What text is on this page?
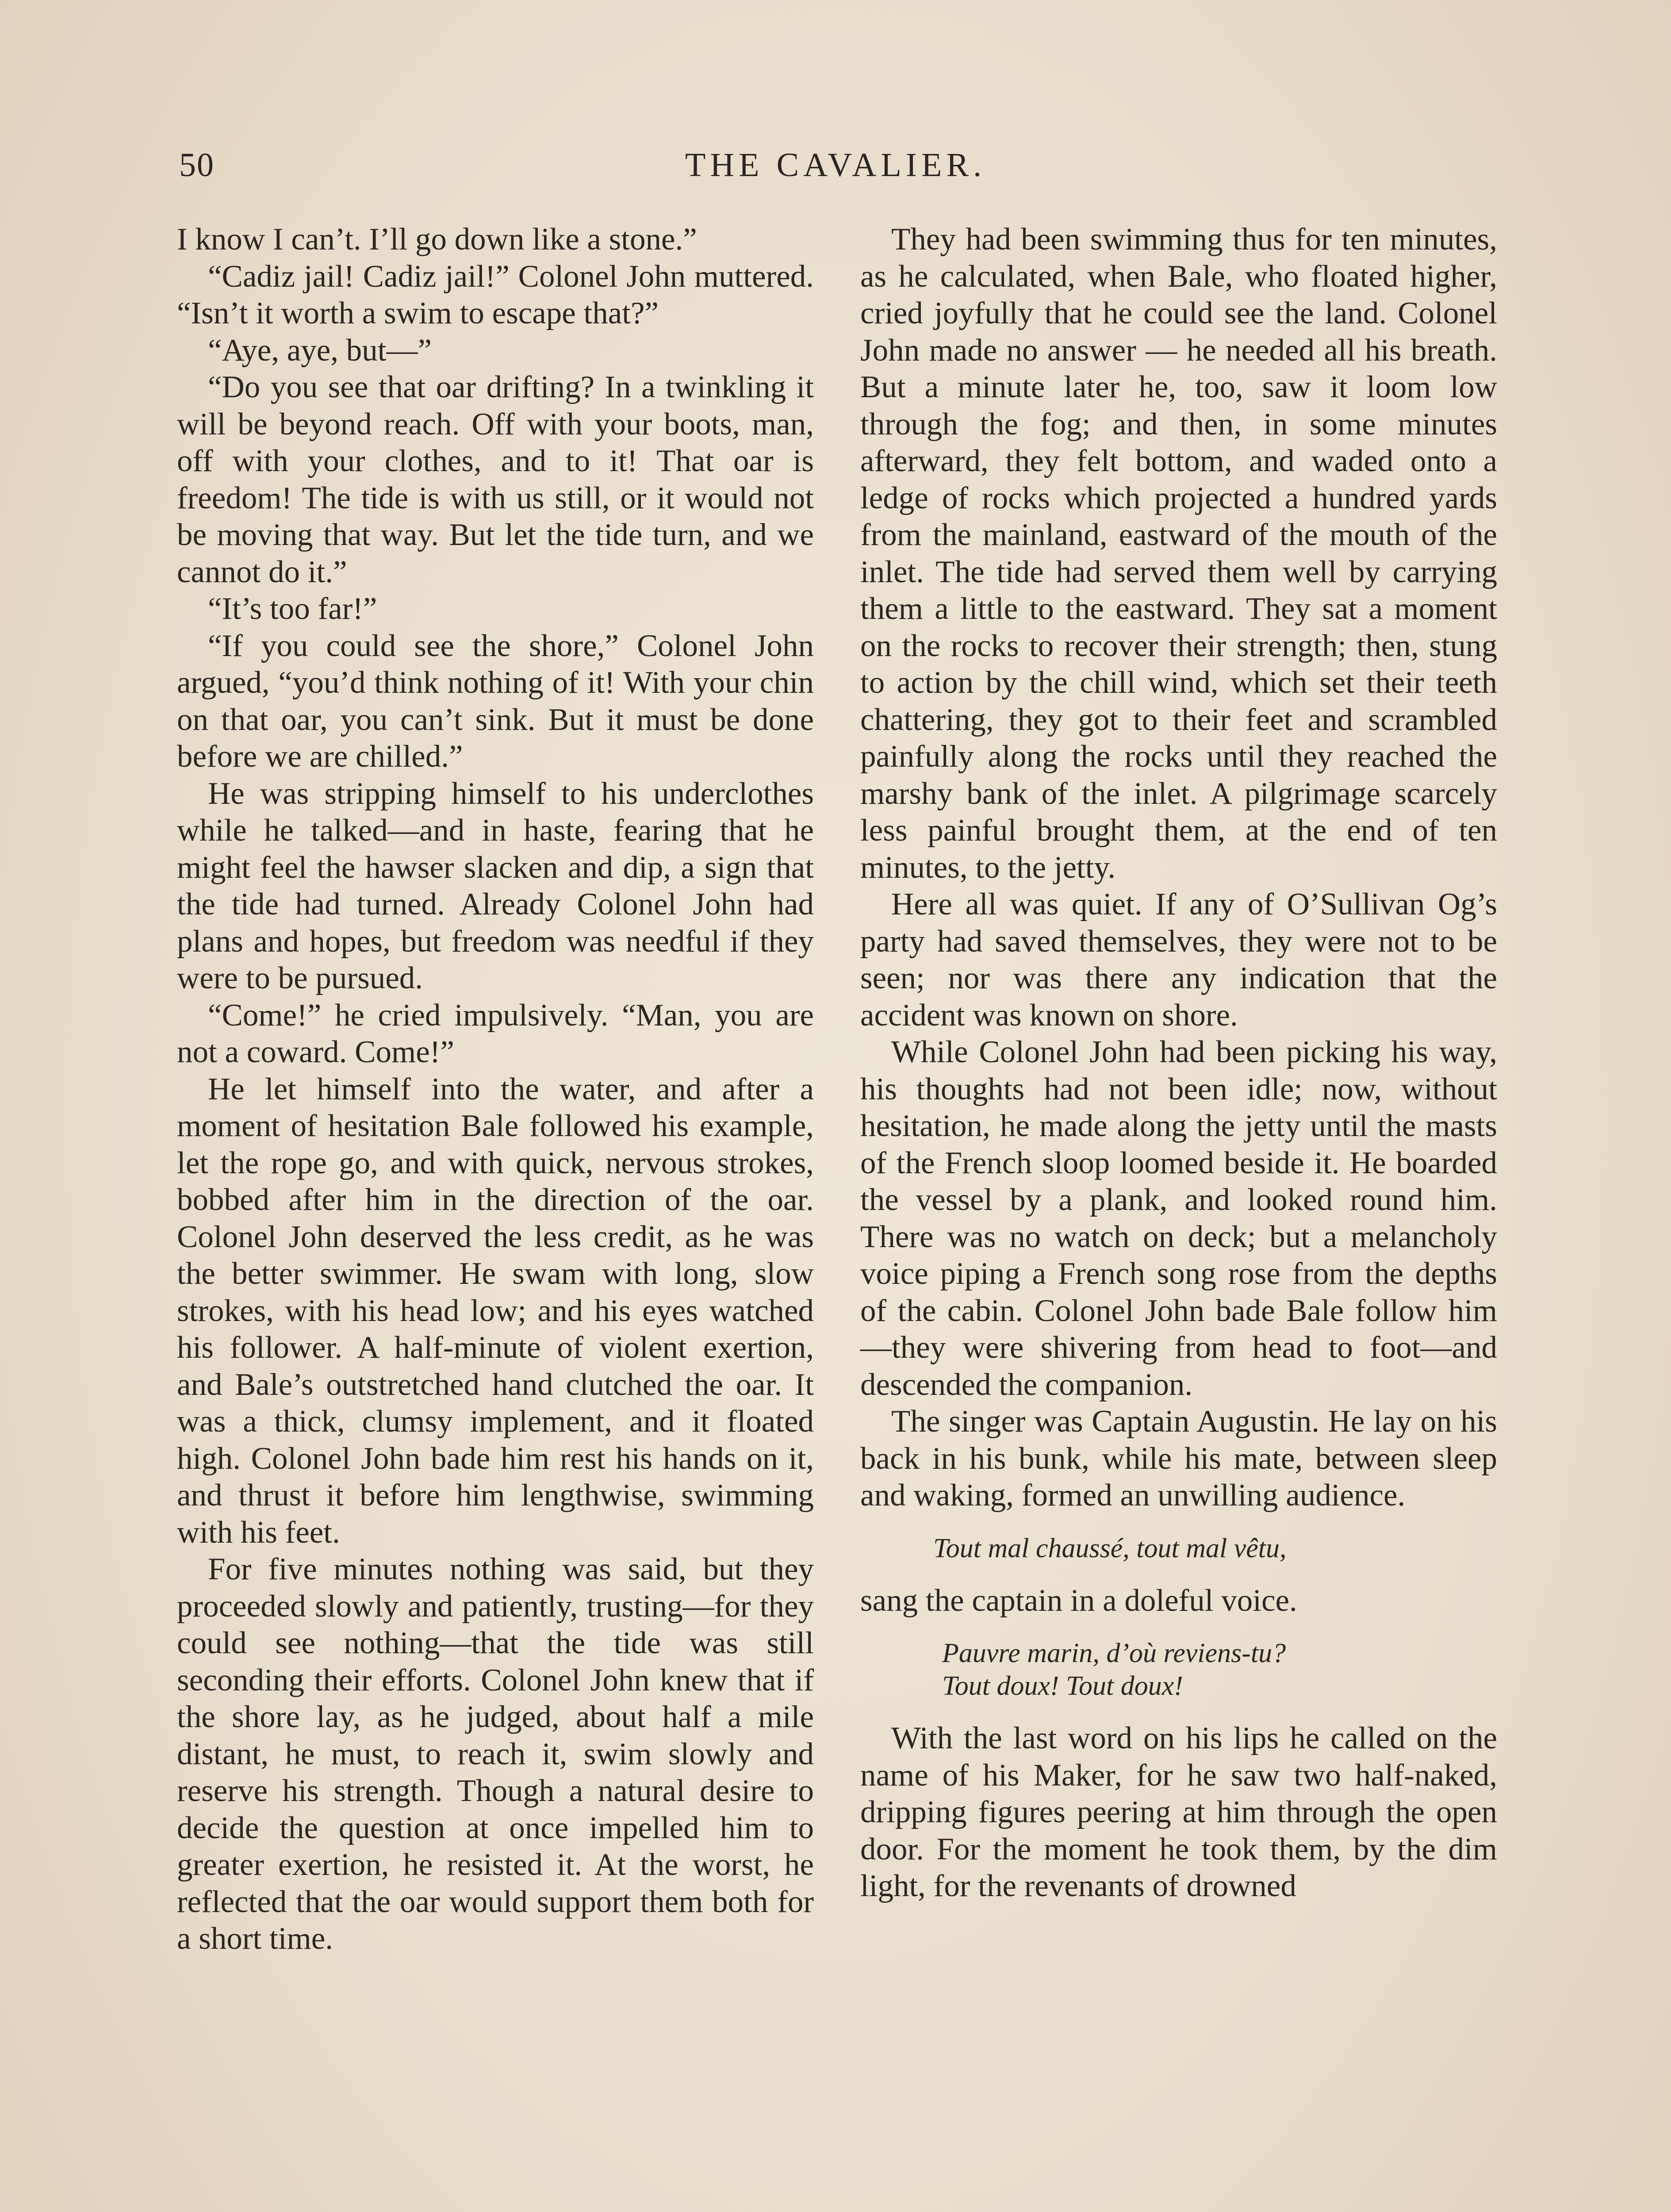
50	THE CAVALIER.

I know I can’t. I’ll go down like a stone.”

“Cadiz jail! Cadiz jail!” Colonel John muttered. “Isn’t it worth a swim to escape that?”

“Aye, aye, but—”

“Do you see that oar drifting? In a twinkling it will be beyond reach. Off with your boots, man, off with your clothes, and to it! That oar is freedom! The tide is with us still, or it would not be moving that way. But let the tide turn, and we cannot do it.”

“It’s too far!”

“If you could see the shore,” Colonel John argued, “you’d think nothing of it! With your chin on that oar, you can’t sink. But it must be done before we are chilled.”

He was stripping himself to his underclothes while he talked—and in haste, fearing that he might feel the hawser slacken and dip, a sign that the tide had turned. Already Colonel John had plans and hopes, but freedom was needful if they were to be pursued.

“Come!” he cried impulsively. “Man, you are not a coward. Come!”

He let himself into the water, and after a moment of hesitation Bale followed his example, let the rope go, and with quick, nervous strokes, bobbed after him in the direction of the oar. Colonel John deserved the less credit, as he was the better swimmer. He swam with long, slow strokes, with his head low; and his eyes watched his follower. A half-minute of violent exertion, and Bale’s outstretched hand clutched the oar. It was a thick, clumsy implement, and it floated high. Colonel John bade him rest his hands on it, and thrust it before him lengthwise, swimming with his feet.

For five minutes nothing was said, but they proceeded slowly and patiently, trusting—for they could see nothing—that the tide was still seconding their efforts. Colonel John knew that if the shore lay, as he judged, about half a mile distant, he must, to reach it, swim slowly and reserve his strength. Though a natural desire to decide the question at once impelled him to greater exertion, he resisted it. At the worst, he reflected that the oar would support them both for a short time.

They had been swimming thus for ten minutes, as he calculated, when Bale, who floated higher, cried joyfully that he could see the land. Colonel John made no answer — he needed all his breath. But a minute later he, too, saw it loom low through the fog; and then, in some minutes afterward, they felt bottom, and waded onto a ledge of rocks which projected a hundred yards from the mainland, eastward of the mouth of the inlet. The tide had served them well by carrying them a little to the eastward. They sat a moment on the rocks to recover their strength; then, stung to action by the chill wind, which set their teeth chattering, they got to their feet and scrambled painfully along the rocks until they reached the marshy bank of the inlet. A pilgrimage scarcely less painful brought them, at the end of ten minutes, to the jetty.

Here all was quiet. If any of O’Sullivan Og’s party had saved themselves, they were not to be seen; nor was there any indication that the accident was known on shore.

While Colonel John had been picking his way, his thoughts had not been idle; now, without hesitation, he made along the jetty until the masts of the French sloop loomed beside it. He boarded the vessel by a plank, and looked round him. There was no watch on deck; but a melancholy voice piping a French song rose from the depths of the cabin. Colonel John bade Bale follow him—they were shivering from head to foot—and descended the companion.

The singer was Captain Augustin. He lay on his back in his bunk, while his mate, between sleep and waking, formed an unwilling audience.

Tout mal chaussé, tout mal vêtu,

sang the captain in a doleful voice.

Pauvre marin, d’où reviens-tu?
Tout doux! Tout doux!

With the last word on his lips he called on the name of his Maker, for he saw two half-naked, dripping figures peering at him through the open door. For the moment he took them, by the dim light, for the revenants of drowned
